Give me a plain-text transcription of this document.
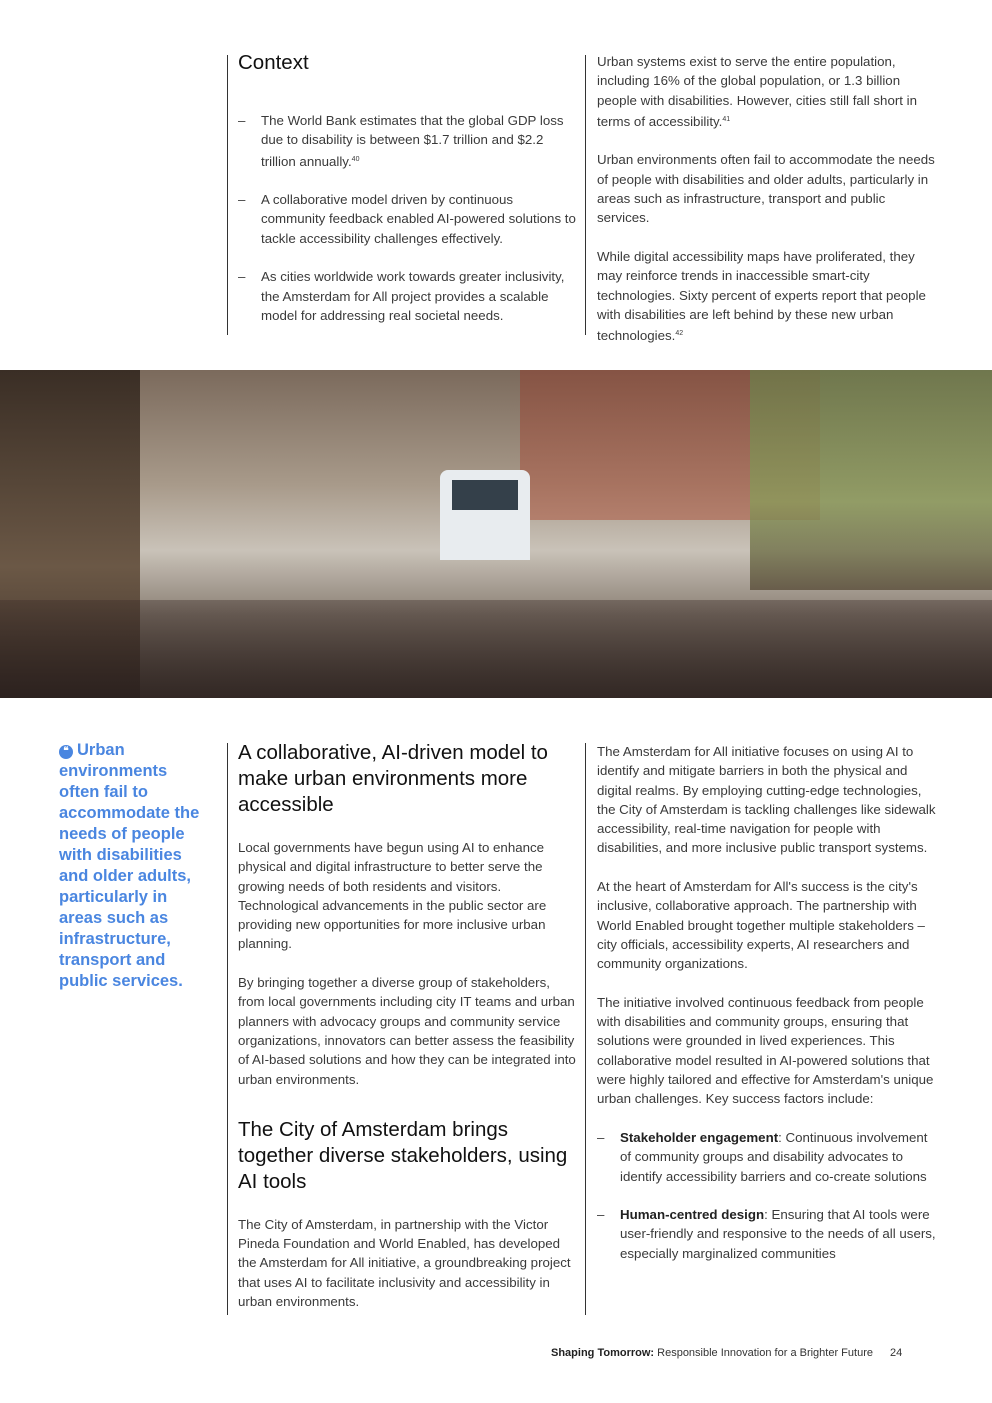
Context
– The World Bank estimates that the global GDP loss due to disability is between $1.7 trillion and $2.2 trillion annually.$^{40}$
– A collaborative model driven by continuous community feedback enabled AI-powered solutions to tackle accessibility challenges effectively.
– As cities worldwide work towards greater inclusivity, the Amsterdam for All project provides a scalable model for addressing real societal needs.

Urban systems exist to serve the entire population, including 16% of the global population, or 1.3 billion people with disabilities. However, cities still fall short in terms of accessibility.$^{41}$

Urban environments often fail to accommodate the needs of people with disabilities and older adults, particularly in areas such as infrastructure, transport and public services.

While digital accessibility maps have proliferated, they may reinforce trends in inaccessible smart-city technologies. Sixty percent of experts report that people with disabilities are left behind by these new urban technologies.$^{42}$

❝ Urban environments often fail to accommodate the needs of people with disabilities and older adults, particularly in areas such as infrastructure, transport and public services.
A collaborative, AI-driven model to make urban environments more accessible

Local governments have begun using AI to enhance physical and digital infrastructure to better serve the growing needs of both residents and visitors. Technological advancements in the public sector are providing new opportunities for more inclusive urban planning.

By bringing together a diverse group of stakeholders, from local governments including city IT teams and urban planners with advocacy groups and community service organizations, innovators can better assess the feasibility of AI-based solutions and how they can be integrated into urban environments.

The City of Amsterdam brings together diverse stakeholders, using AI tools

The City of Amsterdam, in partnership with the Victor Pineda Foundation and World Enabled, has developed the Amsterdam for All initiative, a groundbreaking project that uses AI to facilitate inclusivity and accessibility in urban environments.

The Amsterdam for All initiative focuses on using AI to identify and mitigate barriers in both the physical and digital realms. By employing cutting-edge technologies, the City of Amsterdam is tackling challenges like sidewalk accessibility, real-time navigation for people with disabilities, and more inclusive public transport systems.

At the heart of Amsterdam for All's success is the city's inclusive, collaborative approach. The partnership with World Enabled brought together multiple stakeholders – city officials, accessibility experts, AI researchers and community organizations.

The initiative involved continuous feedback from people with disabilities and community groups, ensuring that solutions were grounded in lived experiences. This collaborative model resulted in AI-powered solutions that were highly tailored and effective for Amsterdam's unique urban challenges. Key success factors include:

– Stakeholder engagement: Continuous involvement of community groups and disability advocates to identify accessibility barriers and co-create solutions
– Human-centred design: Ensuring that AI tools were user-friendly and responsive to the needs of all users, especially marginalized communities
Shaping Tomorrow: Responsible Innovation for a Brighter Future 24
